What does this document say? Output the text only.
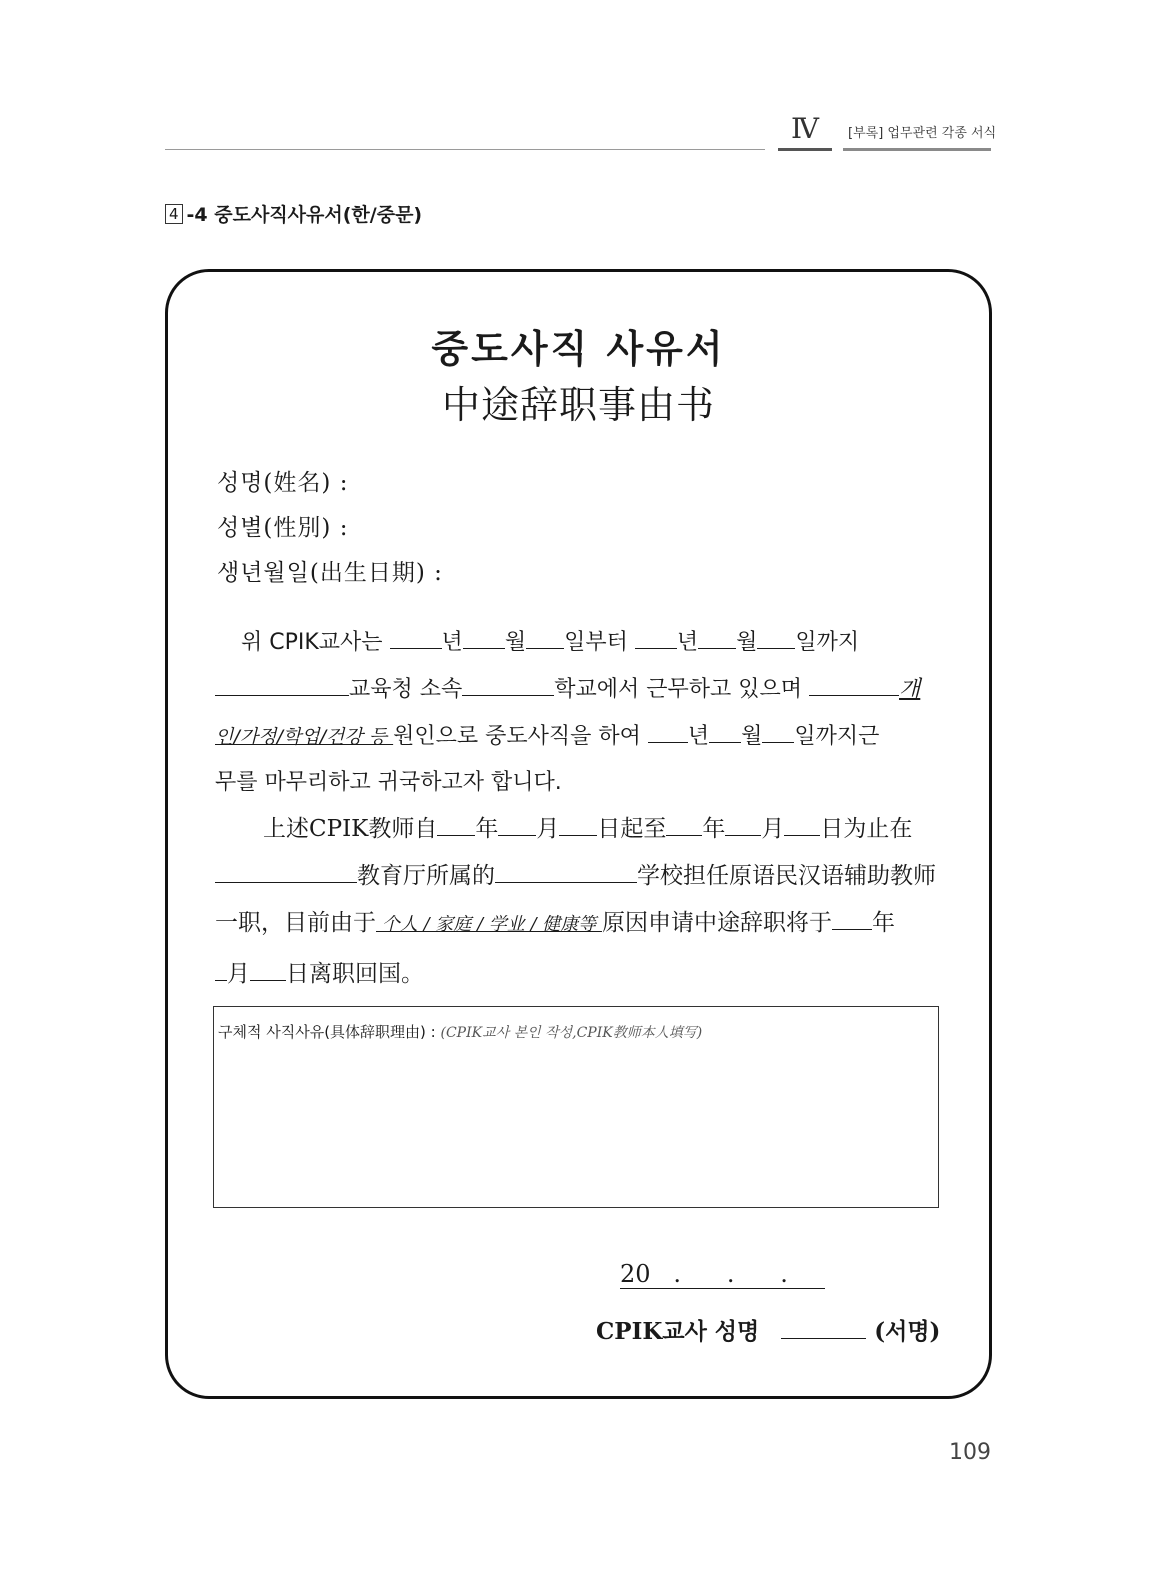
Ⅳ	[부록] 업무관련 각종 서식
4 -4 중도사직사유서(한/중문)
중도사직 사유서
中途辞职事由书
성명(姓名) :
성별(性別) :
생년월일(出生日期) :
위 CPIK교사는 년 월 일부터 년 월 일까지
교육청 소속	학교에서 근무하고 있으며	개
인/가정/학업/건강 등 원인으로 중도사직을 하여 년 월 일까지근
무를 마무리하고 귀국하고자 합니다.
上述CPIK教师自 年 月 日起至 年 月 日为止在
教育厅所属的	学校担任原语民汉语辅助教师
一职，目前由于 个人 / 家庭 / 学业 / 健康等 原因申请中途辞职将于 年
月 日离职回国。
구체적 사직사유(具体辞职理由) : (CPIK교사 본인 작성,CPIK教师本人填写)
20   .      .      .
CPIK교사 성명	(서명)
109
